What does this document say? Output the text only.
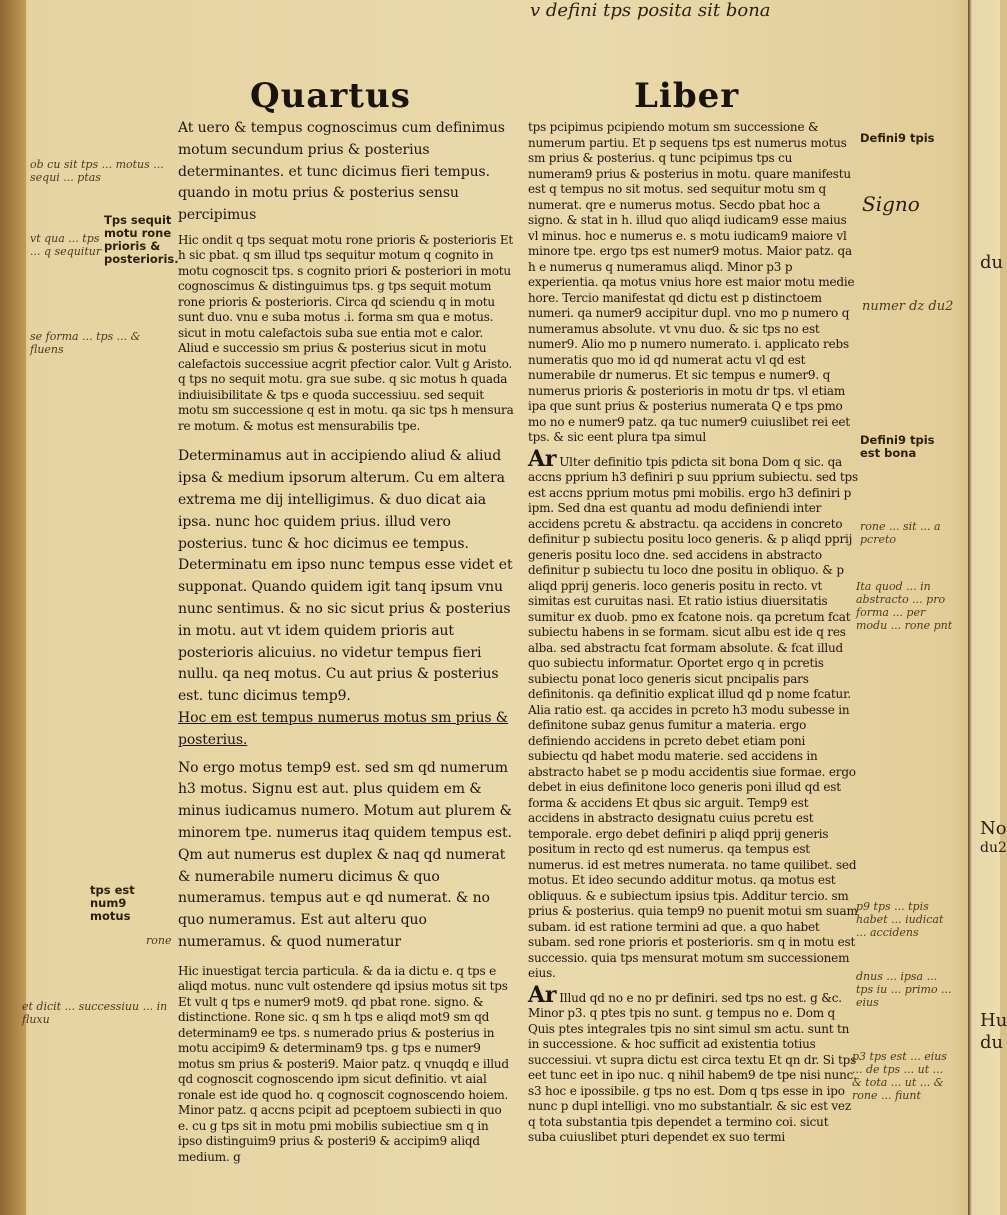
du
No
du2
Hu
du
v defini tps posita sit bona
Quartus	Liber

At uero & tempus cognoscimus cum definimus motum secundum prius & posterius determinantes. et tunc dicimus fieri tempus. quando in motu prius & posterius sensu percipimus

Hic ondit q tps sequat motu rone prioris & posterioris Et h sic pbat. q sm illud tps sequitur motum q cognito in motu cognoscit tps. s cognito priori & posteriori in motu cognoscimus & distinguimus tps. g tps sequit motum rone prioris & posterioris. Circa qd sciendu q in motu sunt duo. vnu e suba motus .i. forma sm qua e motus. sicut in motu calefactois suba sue entia mot e calor. Aliud e successio sm prius & posterius sicut in motu calefactois successiue acgrit pfectior calor. Vult g Aristo. q tps no sequit motu. gra sue sube. q sic motus h quada indiuisibilitate & tps e quoda successiuu. sed sequit motu sm successione q est in motu. qa sic tps h mensura re motum. & motus est mensurabilis tpe.

Determinamus aut in accipiendo aliud & aliud ipsa & medium ipsorum alterum. Cu em altera extrema me dij intelligimus. & duo dicat aia ipsa. nunc hoc quidem prius. illud vero posterius. tunc & hoc dicimus ee tempus. Determinatu em ipso nunc tempus esse videt et supponat. Quando quidem igit tanq ipsum vnu nunc sentimus. & no sic sicut prius & posterius in motu. aut vt idem quidem prioris aut posterioris alicuius. no videtur tempus fieri nullu. qa neq motus. Cu aut prius & posterius est. tunc dicimus temp9.

Hoc em est tempus numerus motus sm prius & posterius.

No ergo motus temp9 est. sed sm qd numerum h3 motus. Signu est aut. plus quidem em & minus iudicamus numero. Motum aut plurem & minorem tpe. numerus itaq quidem tempus est. Qm aut numerus est duplex & naq qd numerat & numerabile numeru dicimus & quo numeramus. tempus aut e qd numerat. & no quo numeramus. Est aut alteru quo numeramus. & quod numeratur

Hic inuestigat tercia particula. & da ia dictu e. q tps e aliqd motus. nunc vult ostendere qd ipsius motus sit tps Et vult q tps e numer9 mot9. qd pbat rone. signo. & distinctione. Rone sic. q sm h tps e aliqd mot9 sm qd determinam9 ee tps. s numerado prius & posterius in motu accipim9 & determinam9 tps. g tps e numer9 motus sm prius & posteri9. Maior patz. q vnuqdq e illud qd cognoscit cognoscendo ipm sicut definitio. vt aial ronale est ide quod ho. q cognoscit cognoscendo hoiem. Minor patz. q accns pcipit ad pceptoem subiecti in quo e. cu g tps sit in motu pmi mobilis subiectiue sm q in ipso distinguim9 prius & posteri9 & accipim9 aliqd medium. g

tps pcipimus pcipiendo motum sm successione & numerum partiu. Et p sequens tps est numerus motus sm prius & posterius. q tunc pcipimus tps cu numeram9 prius & posterius in motu. quare manifestu est q tempus no sit motus. sed sequitur motu sm q numerat. qre e numerus motus. Secdo pbat hoc a signo. & stat in h. illud quo aliqd iudicam9 esse maius vl minus. hoc e numerus e. s motu iudicam9 maiore vl minore tpe. ergo tps est numer9 motus. Maior patz. qa h e numerus q numeramus aliqd. Minor p3 p experientia. qa motus vnius hore est maior motu medie hore. Tercio manifestat qd dictu est p distinctoem numeri. qa numer9 accipitur dupl. vno mo p numero q numeramus absolute. vt vnu duo. & sic tps no est numer9. Alio mo p numero numerato. i. applicato rebs numeratis quo mo id qd numerat actu vl qd est numerabile dr numerus. Et sic tempus e numer9. q numerus prioris & posterioris in motu dr tps. vl etiam ipa que sunt prius & posterius numerata Q e tps pmo mo no e numer9 patz. qa tuc numer9 cuiuslibet rei eet tps. & sic eent plura tpa simul

Ar Ulter definitio tpis pdicta sit bona Dom q sic. qa accns pprium h3 definiri p suu pprium subiectu. sed tps est accns pprium motus pmi mobilis. ergo h3 definiri p ipm. Sed dna est quantu ad modu definiendi inter accidens pcretu & abstractu. qa accidens in concreto definitur p subiectu positu loco generis. & p aliqd pprij generis positu loco dne. sed accidens in abstracto definitur p subiectu tu loco dne positu in obliquo. & p aliqd pprij generis. loco generis positu in recto. vt simitas est curuitas nasi. Et ratio istius diuersitatis sumitur ex duob. pmo ex fcatone nois. qa pcretum fcat subiectu habens in se formam. sicut albu est ide q res alba. sed abstractu fcat formam absolute. & fcat illud quo subiectu informatur. Oportet ergo q in pcretis subiectu ponat loco generis sicut pncipalis pars definitonis. qa definitio explicat illud qd p nome fcatur. Alia ratio est. qa accides in pcreto h3 modu subesse in definitone subaz genus fumitur a materia. ergo definiendo accidens in pcreto debet etiam poni subiectu qd habet modu materie. sed accidens in abstracto habet se p modu accidentis siue formae. ergo debet in eius definitone loco generis poni illud qd est forma & accidens Et qbus sic arguit. Temp9 est accidens in abstracto designatu cuius pcretu est temporale. ergo debet definiri p aliqd pprij generis positum in recto qd est numerus. qa tempus est numerus. id est metres numerata. no tame quilibet. sed motus. Et ideo secundo additur motus. qa motus est obliquus. & e subiectum ipsius tpis. Additur tercio. sm prius & posterius. quia temp9 no puenit motui sm suam subam. id est ratione termini ad que. a quo habet subam. sed rone prioris et posterioris. sm q in motu est successio. quia tps mensurat motum sm successionem eius.

Ar Illud qd no e no pr definiri. sed tps no est. g &c. Minor p3. q ptes tpis no sunt. g tempus no e. Dom q Quis ptes integrales tpis no sint simul sm actu. sunt tn in successione. & hoc sufficit ad existentia totius successiui. vt supra dictu est circa textu Et qn dr. Si tps eet tunc eet in ipo nuc. q nihil habem9 de tpe nisi nunc. s3 hoc e ipossibile. g tps no est. Dom q tps esse in ipo nunc p dupl intelligi. vno mo substantialr. & sic est vez q tota substantia tpis dependet a termino coi. sicut suba cuiuslibet pturi dependet ex suo termi

Tps sequit motu rone prioris & posterioris.
tps est num9 motus
Defini9 tpis
Defini9 tpis est bona
ob cu sit tps ... motus ... sequi ... ptas
vt qua ... tps ... q sequitur
se forma ... tps ... & fluens
rone
et dicit ... successiuu ... in fluxu
Signo
numer dz du2
rone ... sit ... a pcreto
Ita quod ... in abstracto ... pro forma ... per modu ... rone pnt
p9 tps ... tpis habet ... iudicat ... accidens
dnus ... ipsa ... tps iu ... primo ... eius
p3 tps est ... eius ... de tps ... ut ... & tota ... ut ... & rone ... fiunt
